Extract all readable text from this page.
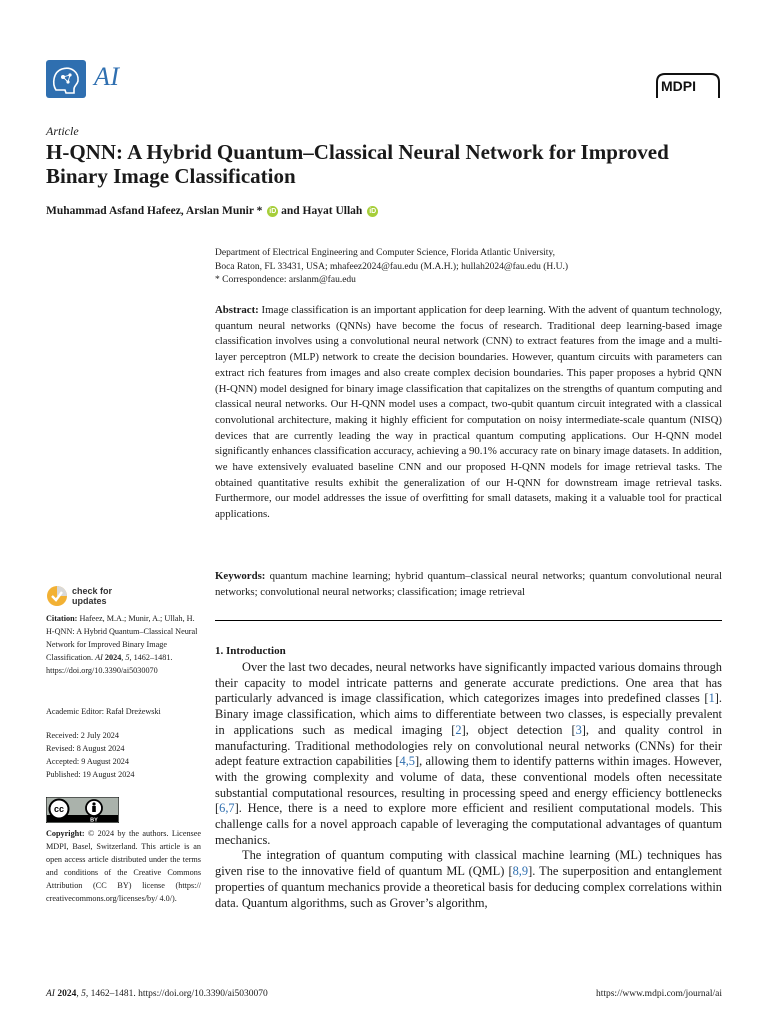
AI	MDPI
Article
H-QNN: A Hybrid Quantum–Classical Neural Network for Improved Binary Image Classification
Muhammad Asfand Hafeez, Arslan Munir * iD and Hayat Ullah iD
Department of Electrical Engineering and Computer Science, Florida Atlantic University,
Boca Raton, FL 33431, USA; mhafeez2024@fau.edu (M.A.H.); hullah2024@fau.edu (H.U.)
* Correspondence: arslanm@fau.edu
Abstract: Image classification is an important application for deep learning. With the advent of quantum technology, quantum neural networks (QNNs) have become the focus of research. Traditional deep learning-based image classification involves using a convolutional neural network (CNN) to extract features from the image and a multi-layer perceptron (MLP) network to create the decision boundaries. However, quantum circuits with parameters can extract rich features from images and also create complex decision boundaries. This paper proposes a hybrid QNN (H-QNN) model designed for binary image classification that capitalizes on the strengths of quantum computing and classical neural networks. Our H-QNN model uses a compact, two-qubit quantum circuit integrated with a classical convolutional architecture, making it highly efficient for computation on noisy intermediate-scale quantum (NISQ) devices that are currently leading the way in practical quantum computing applications. Our H-QNN model significantly enhances classification accuracy, achieving a 90.1% accuracy rate on binary image datasets. In addition, we have extensively evaluated baseline CNN and our proposed H-QNN models for image retrieval tasks. The obtained quantitative results exhibit the generalization of our H-QNN for downstream image retrieval tasks. Furthermore, our model addresses the issue of overfitting for small datasets, making it a valuable tool for practical applications.
Keywords: quantum machine learning; hybrid quantum–classical neural networks; quantum convolutional neural networks; convolutional neural networks; classification; image retrieval
1. Introduction

Over the last two decades, neural networks have significantly impacted various domains through their capacity to model intricate patterns and generate accurate predictions. One area that has particularly advanced is image classification, which categorizes images into predefined classes [1]. Binary image classification, which aims to differentiate between two classes, is especially prevalent in applications such as medical imaging [2], object detection [3], and quality control in manufacturing. Traditional methodologies rely on convolutional neural networks (CNNs) for their adept feature extraction capabilities [4,5], allowing them to identify patterns within images. However, with the growing complexity and volume of data, these conventional models often necessitate substantial computational resources, resulting in processing speed and energy efficiency bottlenecks [6,7]. Hence, there is a need to explore more efficient and resilient computational models. This challenge calls for a novel approach capable of leveraging the computational advantages of quantum mechanics.

The integration of quantum computing with classical machine learning (ML) techniques has given rise to the innovative field of quantum ML (QML) [8,9]. The superposition and entanglement properties of quantum mechanics provide a theoretical basis for deducing complex correlations within data. Quantum algorithms, such as Grover’s algorithm,

check for
updates
Citation: Hafeez, M.A.; Munir, A.; Ullah, H. H-QNN: A Hybrid Quantum–Classical Neural Network for Improved Binary Image Classification. AI 2024, 5, 1462–1481. https://doi.org/10.3390/ai5030070
Academic Editor: Rafał Dreżewski
Received: 2 July 2024
Revised: 8 August 2024
Accepted: 9 August 2024
Published: 19 August 2024
cc
BY
Copyright: © 2024 by the authors. Licensee MDPI, Basel, Switzerland. This article is an open access article distributed under the terms and conditions of the Creative Commons Attribution (CC BY) license (https:// creativecommons.org/licenses/by/ 4.0/).
AI 2024, 5, 1462–1481. https://doi.org/10.3390/ai5030070	https://www.mdpi.com/journal/ai
